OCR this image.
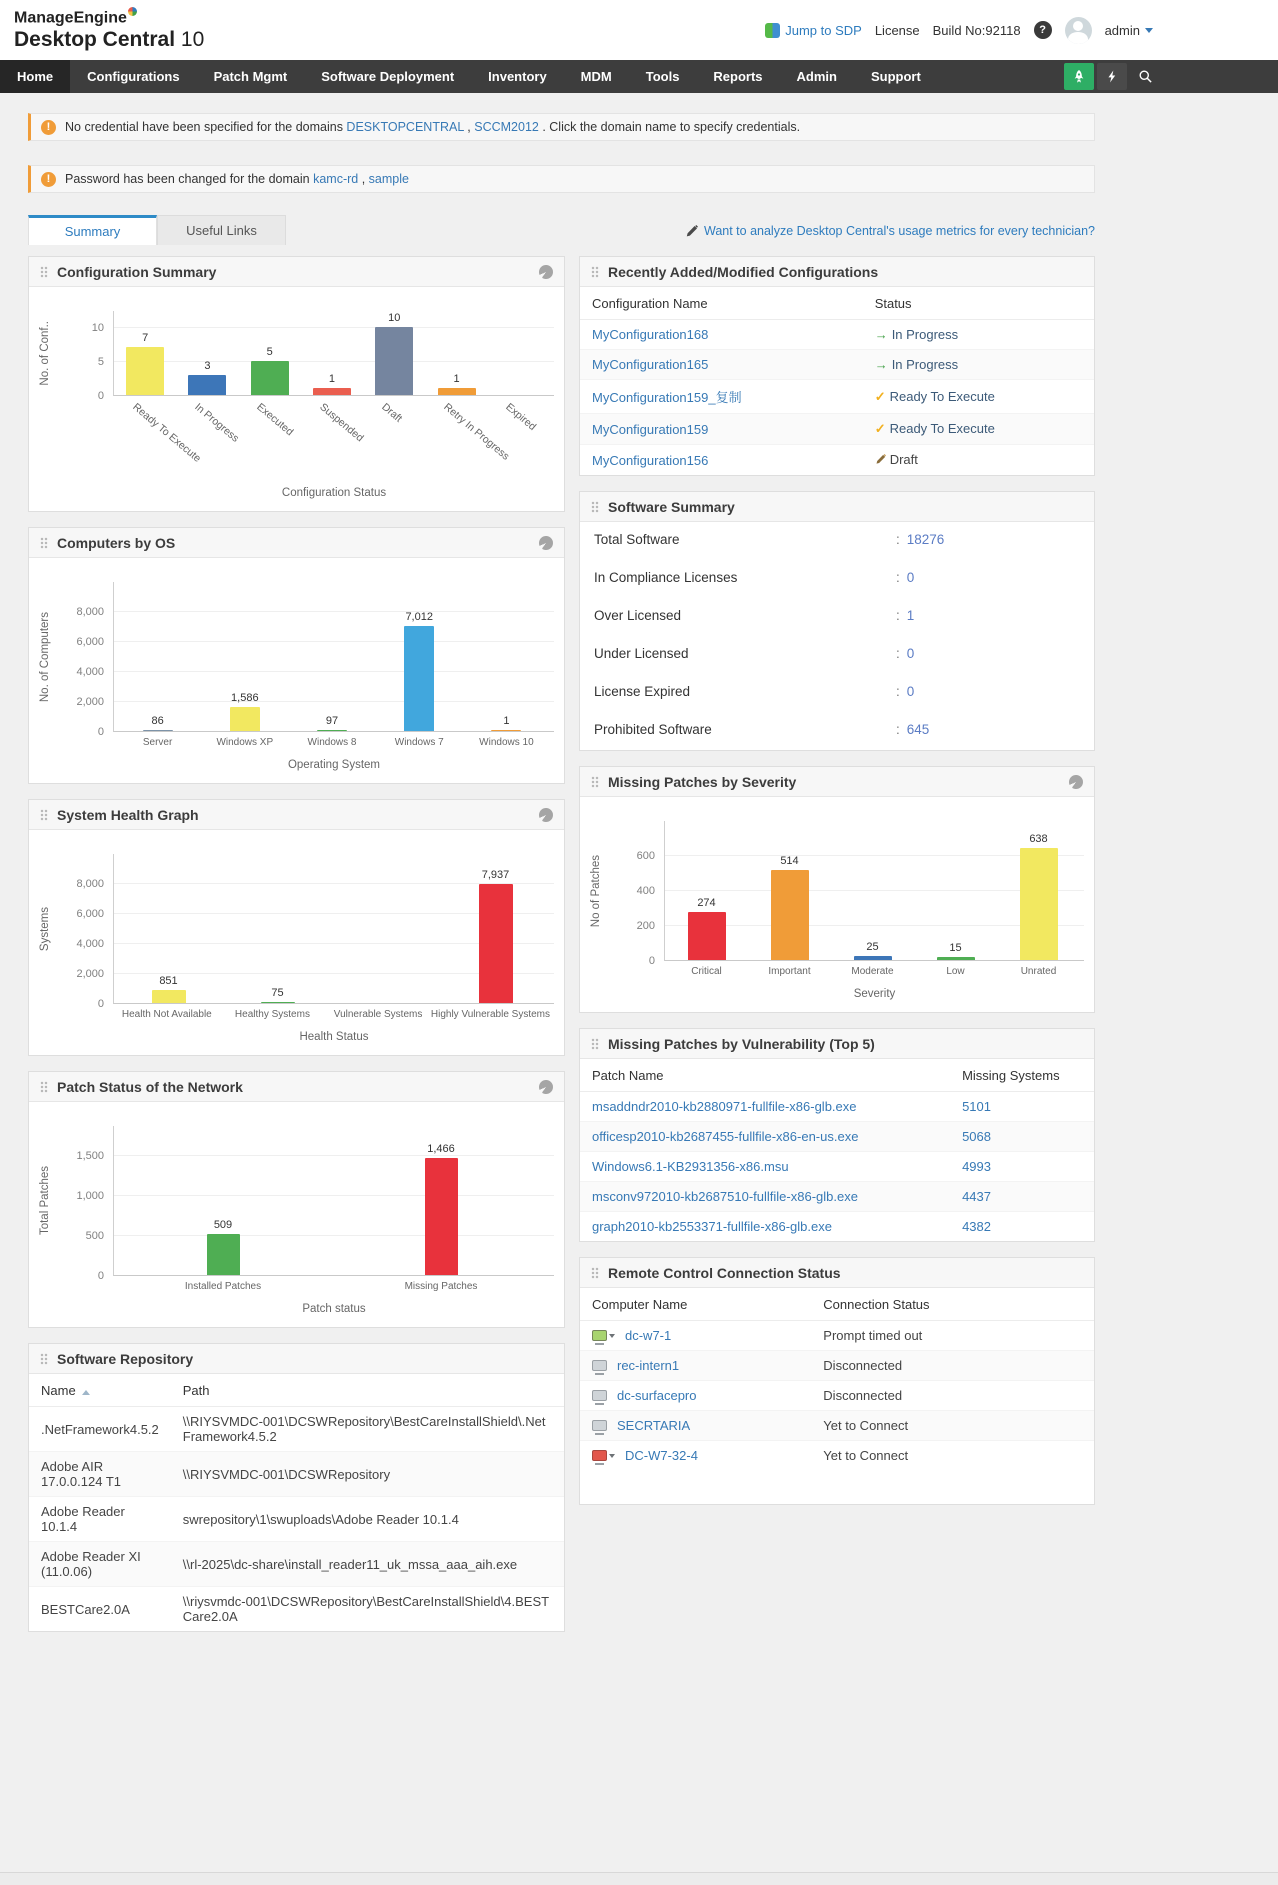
ManageEngine
Desktop Central 10	Jump to SDP License Build No:92118	?	admin
Home	Configurations	Patch Mgmt	Software Deployment	Inventory	MDM	Tools	Reports	Admin	Support
!	No credential have been specified for the domains DESKTOPCENTRAL , SCCM2012 . Click the domain name to specify credentials.
!	Password has been changed for the domain kamc-rd , sample
Summary	Useful Links	Want to analyze Desktop Central's usage metrics for every technician?
Configuration Summary
No. of Conf..
0
5
10
7
3
5
1
10
1
Ready To Execute
In Progress Executed Suspended Draft	Retry In Progress
Expired
Configuration Status
Computers by OS
No. of Computers
0
2,000
4,000
6,000
8,000
86
1,586
97
7,012
1
Server	Windows XP	Windows 8	Windows 7	Windows 10
Operating System
System Health Graph
Systems
0
2,000
4,000
6,000
8,000
851
75
7,937
Health Not Available	Healthy Systems	Vulnerable Systems Highly Vulnerable Systems
Health Status
Patch Status of the Network
Total Patches
0
500
1,000
1,500
509
1,466
Installed Patches	Missing Patches
Patch status
Software Repository
Name	Path
.NetFramework4.5.2	\\RIYSVMDC-001\DCSWRepository\BestCareInstallShield\.NetFramework4.5.2
Adobe AIR 17.0.0.124 T1	\\RIYSVMDC-001\DCSWRepository
Adobe Reader 10.1.4	swrepository\1\swuploads\Adobe Reader 10.1.4
Adobe Reader XI (11.0.06)	\\rl-2025\dc-share\install_reader11_uk_mssa_aaa_aih.exe
BESTCare2.0A	\\riysvmdc-001\DCSWRepository\BestCareInstallShield\4.BESTCare2.0A
Recently Added/Modified Configurations
Configuration Name	Status
MyConfiguration168	→ In Progress
MyConfiguration165	→ In Progress
MyConfiguration159_复制	✓ Ready To Execute
MyConfiguration159	✓ Ready To Execute
MyConfiguration156	Draft
Software Summary
Total Software	: 18276
In Compliance Licenses	: 0
Over Licensed	: 1
Under Licensed	: 0
License Expired	: 0
Prohibited Software	: 645
Missing Patches by Severity
No of Patches
0
200
400
600
274
514
25	15
638
Critical	Important	Moderate	Low	Unrated
Severity
Missing Patches by Vulnerability (Top 5)
Patch Name	Missing Systems
msaddndr2010-kb2880971-fullfile-x86-glb.exe	5101
officesp2010-kb2687455-fullfile-x86-en-us.exe	5068
Windows6.1-KB2931356-x86.msu	4993
msconv972010-kb2687510-fullfile-x86-glb.exe	4437
graph2010-kb2553371-fullfile-x86-glb.exe	4382
Remote Control Connection Status
Computer Name	Connection Status
dc-w7-1	Prompt timed out
rec-intern1	Disconnected
dc-surfacepro	Disconnected
SECRTARIA	Yet to Connect
DC-W7-32-4	Yet to Connect
